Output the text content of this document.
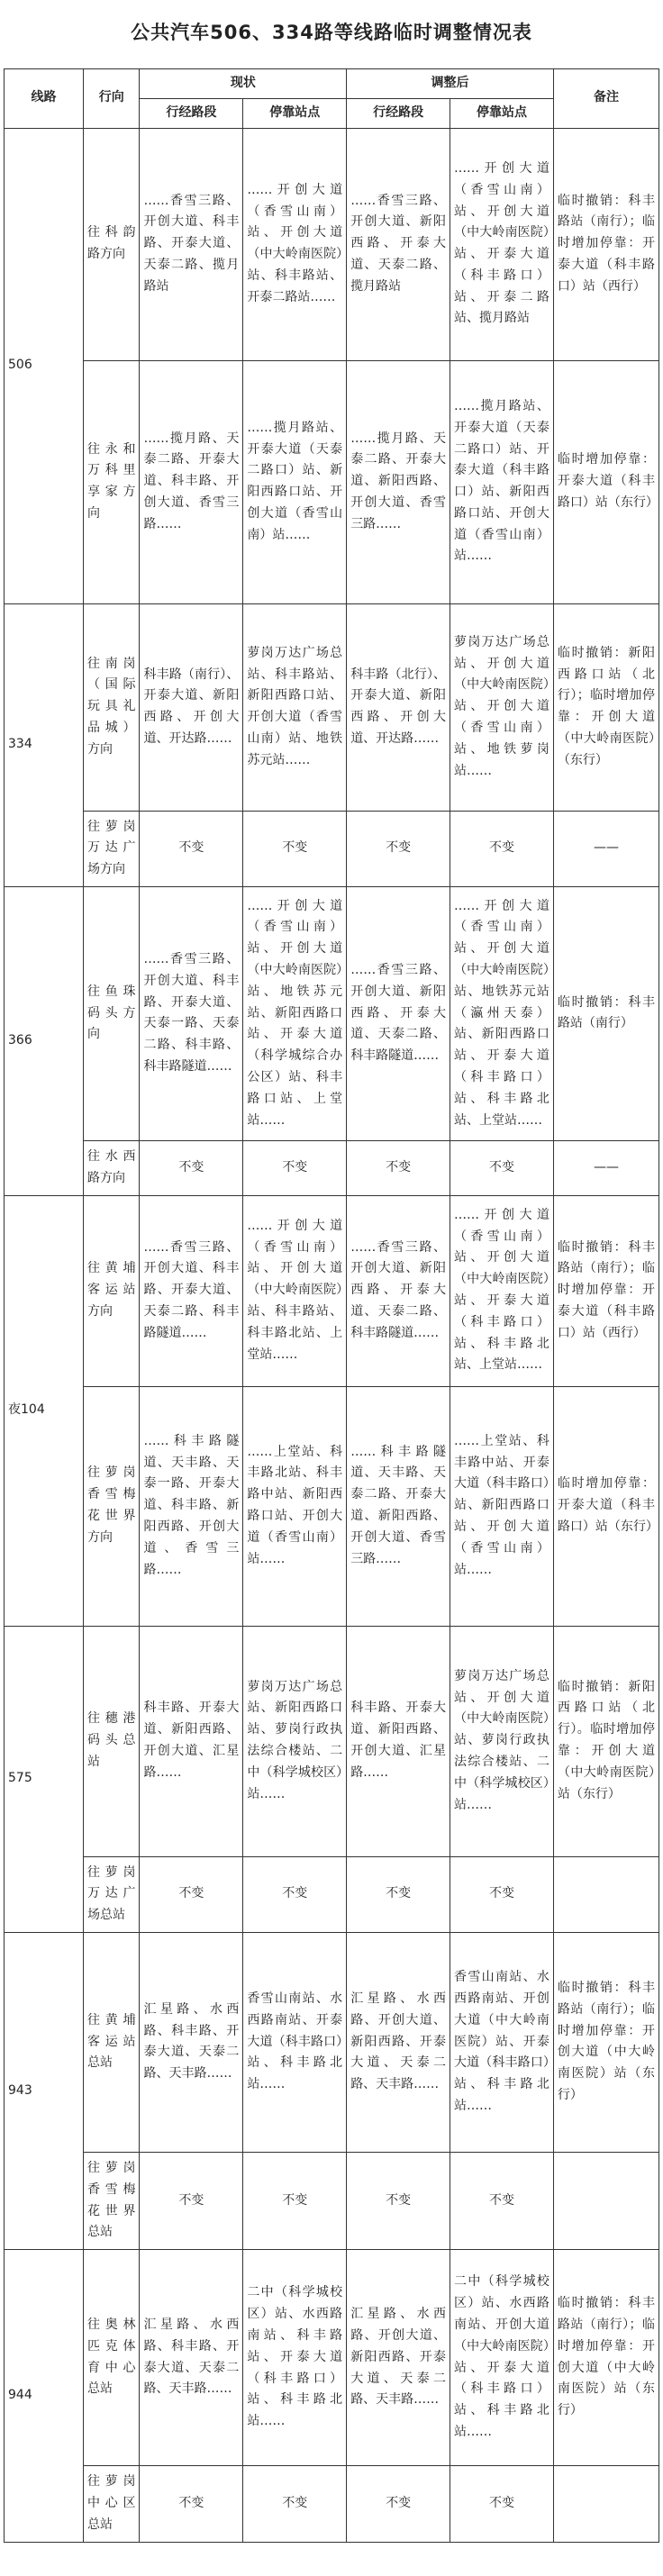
公共汽车506、334路等线路临时调整情况表
线路	行向	现状		调整后		备注
		行经路段	停靠站点	行经路段	停靠站点	
506	往科韵路方向	……香雪三路、开创大道、科丰路、开泰大道、天泰二路、揽月路站	……开创大道（香雪山南）站、开创大道（中大岭南医院）站、科丰路站、开泰二路站……	……香雪三路、开创大道、新阳西路、开泰大道、天泰二路、揽月路站	……开创大道（香雪山南）站、开创大道（中大岭南医院）站、开泰大道（科丰路口）站、开泰二路站、揽月路站	临时撤销：科丰路站（南行）；临时增加停靠：开泰大道（科丰路口）站（西行）
	往永和万科里享家方向	……揽月路、天泰二路、开泰大道、科丰路、开创大道、香雪三路……	……揽月路站、开泰大道（天泰二路口）站、新阳西路口站、开创大道（香雪山南）站……	……揽月路、天泰二路、开泰大道、新阳西路、开创大道、香雪三路……	……揽月路站、开泰大道（天泰二路口）站、开泰大道（科丰路口）站、新阳西路口站、开创大道（香雪山南）站……	临时增加停靠：开泰大道（科丰路口）站（东行）
334	往南岗（国际玩具礼品城）方向	科丰路（南行）、开泰大道、新阳西路、开创大道、开达路……	萝岗万达广场总站、科丰路站、新阳西路口站、开创大道（香雪山南）站、地铁苏元站……	科丰路（北行）、开泰大道、新阳西路、开创大道、开达路……	萝岗万达广场总站、开创大道（中大岭南医院）站、开创大道（香雪山南）站、地铁萝岗站……	临时撤销：新阳西路口站（北行）；临时增加停靠：开创大道（中大岭南医院）（东行）
	往萝岗万达广场方向	不变	不变	不变	不变	——
366	往鱼珠码头方向	……香雪三路、开创大道、科丰路、开泰大道、天泰一路、天泰二路、科丰路、科丰路隧道……	……开创大道（香雪山南）站、开创大道（中大岭南医院）站、地铁苏元站、新阳西路口站、开泰大道（科学城综合办公区）站、科丰路口站、上堂站……	……香雪三路、开创大道、新阳西路、开泰大道、天泰二路、科丰路隧道……	……开创大道（香雪山南）站、开创大道（中大岭南医院）站、地铁苏元站（瀛州天泰）站、新阳西路口站、开泰大道（科丰路口）站、科丰路北站、上堂站……	临时撤销：科丰路站（南行）
	往水西路方向	不变	不变	不变	不变	——
夜104	往黄埔客运站方向	……香雪三路、开创大道、科丰路、开泰大道、天泰二路、科丰路隧道……	……开创大道（香雪山南）站、开创大道（中大岭南医院）站、科丰路站、科丰路北站、上堂站……	……香雪三路、开创大道、新阳西路、开泰大道、天泰二路、科丰路隧道……	……开创大道（香雪山南）站、开创大道（中大岭南医院）站、开泰大道（科丰路口）站、科丰路北站、上堂站……	临时撤销：科丰路站（南行）；临时增加停靠：开泰大道（科丰路口）站（西行）
	往萝岗香雪梅花世界方向	……科丰路隧道、天丰路、天泰一路、开泰大道、科丰路、新阳西路、开创大道、香雪三路……	……上堂站、科丰路北站、科丰路中站、新阳西路口站、开创大道（香雪山南）站……	……科丰路隧道、天丰路、天泰二路、开泰大道、新阳西路、开创大道、香雪三路……	……上堂站、科丰路中站、开泰大道（科丰路口）站、新阳西路口站、开创大道（香雪山南）站……	临时增加停靠：开泰大道（科丰路口）站（东行）
575	往穗港码头总站	科丰路、开泰大道、新阳西路、开创大道、汇星路……	萝岗万达广场总站、新阳西路口站、萝岗行政执法综合楼站、二中（科学城校区）站……	科丰路、开泰大道、新阳西路、开创大道、汇星路……	萝岗万达广场总站、开创大道（中大岭南医院）站、萝岗行政执法综合楼站、二中（科学城校区）站……	临时撤销：新阳西路口站（北行）。临时增加停靠：开创大道（中大岭南医院）站（东行）
	往萝岗万达广场总站	不变	不变	不变	不变	
943	往黄埔客运站总站	汇星路、水西路、科丰路、开泰大道、天泰二路、天丰路……	香雪山南站、水西路南站、开泰大道（科丰路口）站、科丰路北站……	汇星路、水西路、开创大道、新阳西路、开泰大道、天泰二路、天丰路……	香雪山南站、水西路南站、开创大道（中大岭南医院）站、开泰大道（科丰路口）站、科丰路北站……	临时撤销：科丰路站（南行）；临时增加停靠：开创大道（中大岭南医院）站（东行）
	往萝岗香雪梅花世界总站	不变	不变	不变	不变	
944	往奥林匹克体育中心总站	汇星路、水西路、科丰路、开泰大道、天泰二路、天丰路……	二中（科学城校区）站、水西路南站、科丰路站、开泰大道（科丰路口）站、科丰路北站……	汇星路、水西路、开创大道、新阳西路、开泰大道、天泰二路、天丰路……	二中（科学城校区）站、水西路南站、开创大道（中大岭南医院）站、开泰大道（科丰路口）站、科丰路北站……	临时撤销：科丰路站（南行）；临时增加停靠：开创大道（中大岭南医院）站（东行）
	往萝岗中心区总站	不变	不变	不变	不变	
